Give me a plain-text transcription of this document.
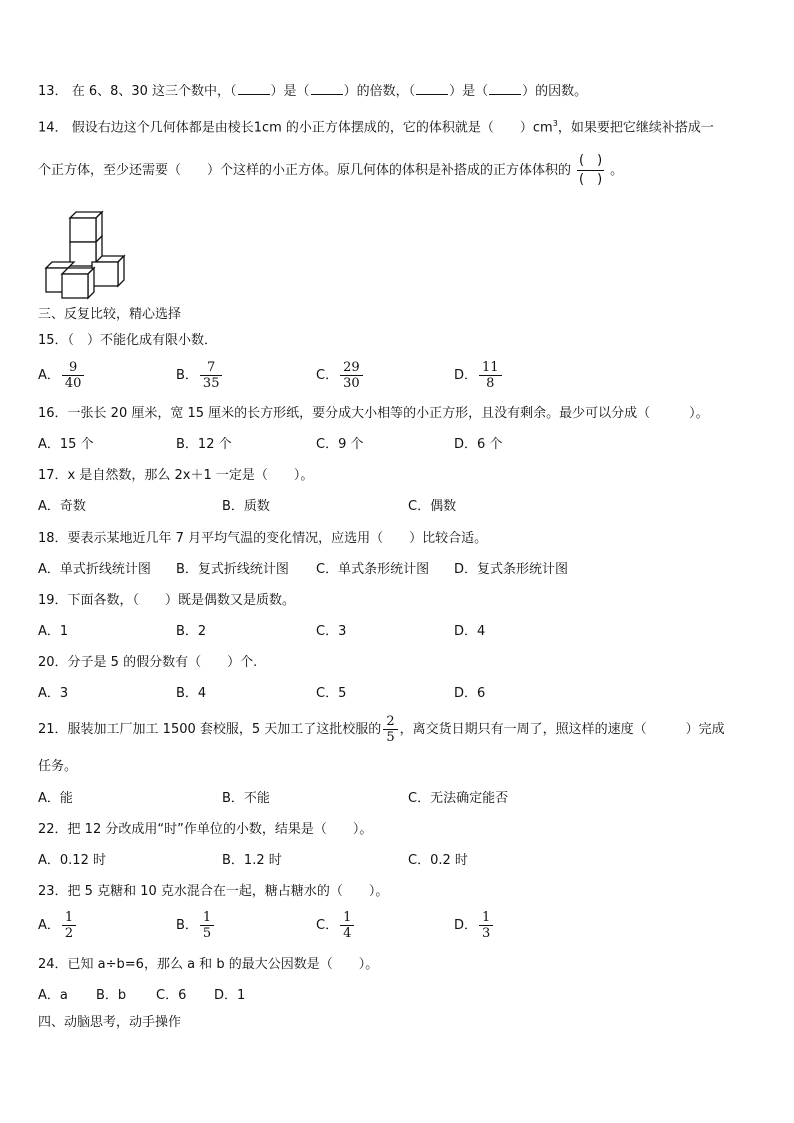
13． 在 6、8、30 这三个数中，（	）是（	）的倍数，（	）是（	）的因数。
14． 假设右边这个几何体都是由棱长1cm 的小正方体摆成的，它的体积就是（　　）$cm^3$，如果要把它继续补搭成一
个正方体，至少还需要（　　）个这样的小正方体。原几何体的体积是补搭成的正方体体积的 $\frac{( )}{( )}$ 。
三、反复比较，精心选择
15．（　）不能化成有限小数．
A． $\frac{9}{40}$	B． $\frac{7}{35}$	C． $\frac{29}{30}$	D． $\frac{11}{8}$
16．一张长 20 厘米，宽 15 厘米的长方形纸，要分成大小相等的小正方形，且没有剩余。最少可以分成（　　　）。
A．15 个	B．12 个	C．9 个	D．6 个
17．x 是自然数，那么 2x＋1 一定是（　　）。
A．奇数	B．质数	C．偶数
18．要表示某地近几年 7 月平均气温的变化情况，应选用（　　）比较合适。
A．单式折线统计图 B．复式折线统计图 C．单式条形统计图 D．复式条形统计图
19．下面各数，（　　）既是偶数又是质数。
A．1	B．2	C．3	D．4
20．分子是 5 的假分数有（　　）个.
A．3	B．4	C．5	D．6
21．服装加工厂加工 1500 套校服，5 天加工了这批校服的 $\frac{2}{5}$ ，离交货日期只有一周了，照这样的速度（　　　）完成
任务。
A．能	B．不能	C．无法确定能否
22．把 12 分改成用“时”作单位的小数，结果是（　　）。
A．0.12 时	B．1.2 时	C．0.2 时
23．把 5 克糖和 10 克水混合在一起，糖占糖水的（　　）。
A． $\frac{1}{2}$	B． $\frac{1}{5}$	C． $\frac{1}{4}$	D． $\frac{1}{3}$
24．已知 a÷b=6，那么 a 和 b 的最大公因数是（　　）。
A．a B．b C．6 D．1
四、动脑思考，动手操作
